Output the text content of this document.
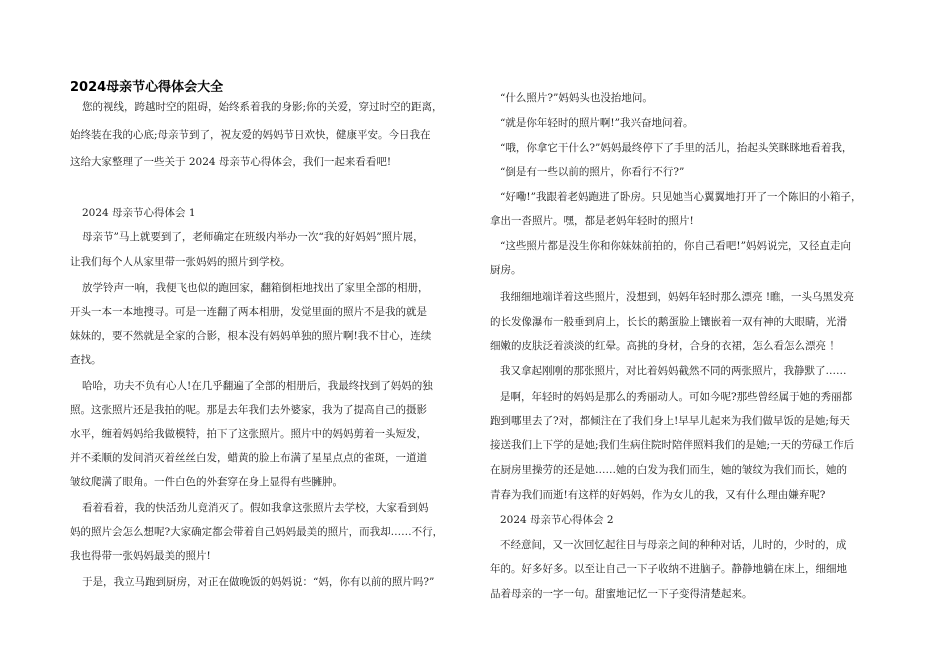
2024母亲节心得体会大全
您的视线，跨越时空的阻碍，始终系着我的身影;你的关爱，穿过时空的距离，
始终装在我的心底;母亲节到了，祝友爱的妈妈节日欢快，健康平安。今日我在
这给大家整理了一些关于 2024 母亲节心得体会，我们一起来看看吧!
2024 母亲节心得体会 1
母亲节”马上就要到了，老师确定在班级内举办一次“我的好妈妈”照片展，
让我们每个人从家里带一张妈妈的照片到学校。
放学铃声一响，我便飞也似的跑回家，翻箱倒柜地找出了家里全部的相册，
开头一本一本地搜寻。可是一连翻了两本相册，发觉里面的照片不是我的就是
妹妹的，要不然就是全家的合影，根本没有妈妈单独的照片啊!我不甘心，连续
查找。
哈哈，功夫不负有心人!在几乎翻遍了全部的相册后，我最终找到了妈妈的独
照。这张照片还是我拍的呢。那是去年我们去外婆家，我为了提高自己的摄影
水平，缠着妈妈给我做模特，拍下了这张照片。照片中的妈妈剪着一头短发，
并不柔顺的发间消灭着丝丝白发，蜡黄的脸上布满了星星点点的雀斑，一道道
皱纹爬满了眼角。一件白色的外套穿在身上显得有些臃肿。
看着看着，我的快活劲儿竟消灭了。假如我拿这张照片去学校，大家看到妈
妈的照片会怎么想呢?大家确定都会带着自己妈妈最美的照片，而我却……不行，
我也得带一张妈妈最美的照片!
于是，我立马跑到厨房，对正在做晚饭的妈妈说：“妈，你有以前的照片吗?”
“什么照片?”妈妈头也没抬地问。
“就是你年轻时的照片啊!”我兴奋地问着。
“哦，你拿它干什么?”妈妈最终停下了手里的活儿，抬起头笑眯眯地看着我，
“倒是有一些以前的照片，你看行不行?”
“好嘞!”我跟着老妈跑进了卧房。只见她当心翼翼地打开了一个陈旧的小箱子，
拿出一沓照片。嘿，都是老妈年轻时的照片!
“这些照片都是没生你和你妹妹前拍的，你自己看吧!”妈妈说完，又径直走向
厨房。
我细细地端详着这些照片，没想到，妈妈年轻时那么漂亮 !瞧，一头乌黑发亮
的长发像瀑布一般垂到肩上，长长的鹅蛋脸上镶嵌着一双有神的大眼睛，光滑
细嫩的皮肤泛着淡淡的红晕。高挑的身材，合身的衣裙，怎么看怎么漂亮 ！
我又拿起刚刚的那张照片，对比着妈妈截然不同的两张照片，我静默了……
是啊，年轻时的妈妈是那么的秀丽动人。可如今呢?那些曾经属于她的秀丽都
跑到哪里去了?对，都倾注在了我们身上!早早儿起来为我们做早饭的是她;每天
接送我们上下学的是她;我们生病住院时陪伴照料我们的是她;一天的劳碌工作后
在厨房里操劳的还是她……她的白发为我们而生，她的皱纹为我们而长，她的
青春为我们而逝!有这样的好妈妈，作为女儿的我，又有什么理由嫌弃呢?
2024 母亲节心得体会 2
不经意间，又一次回忆起往日与母亲之间的种种对话，儿时的，少时的，成
年的。好多好多。以至让自己一下子收纳不进脑子。静静地躺在床上，细细地
品着母亲的一字一句。甜蜜地记忆一下子变得清楚起来。
